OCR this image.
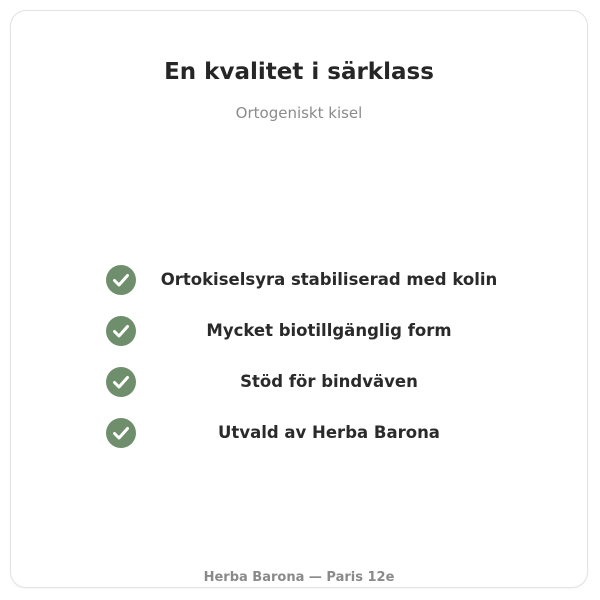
En kvalitet i särklass
Ortogeniskt kisel
Ortokiselsyra stabiliserad med kolin
Mycket biotillgänglig form
Stöd för bindväven
Utvald av Herba Barona
Herba Barona — Paris 12e
